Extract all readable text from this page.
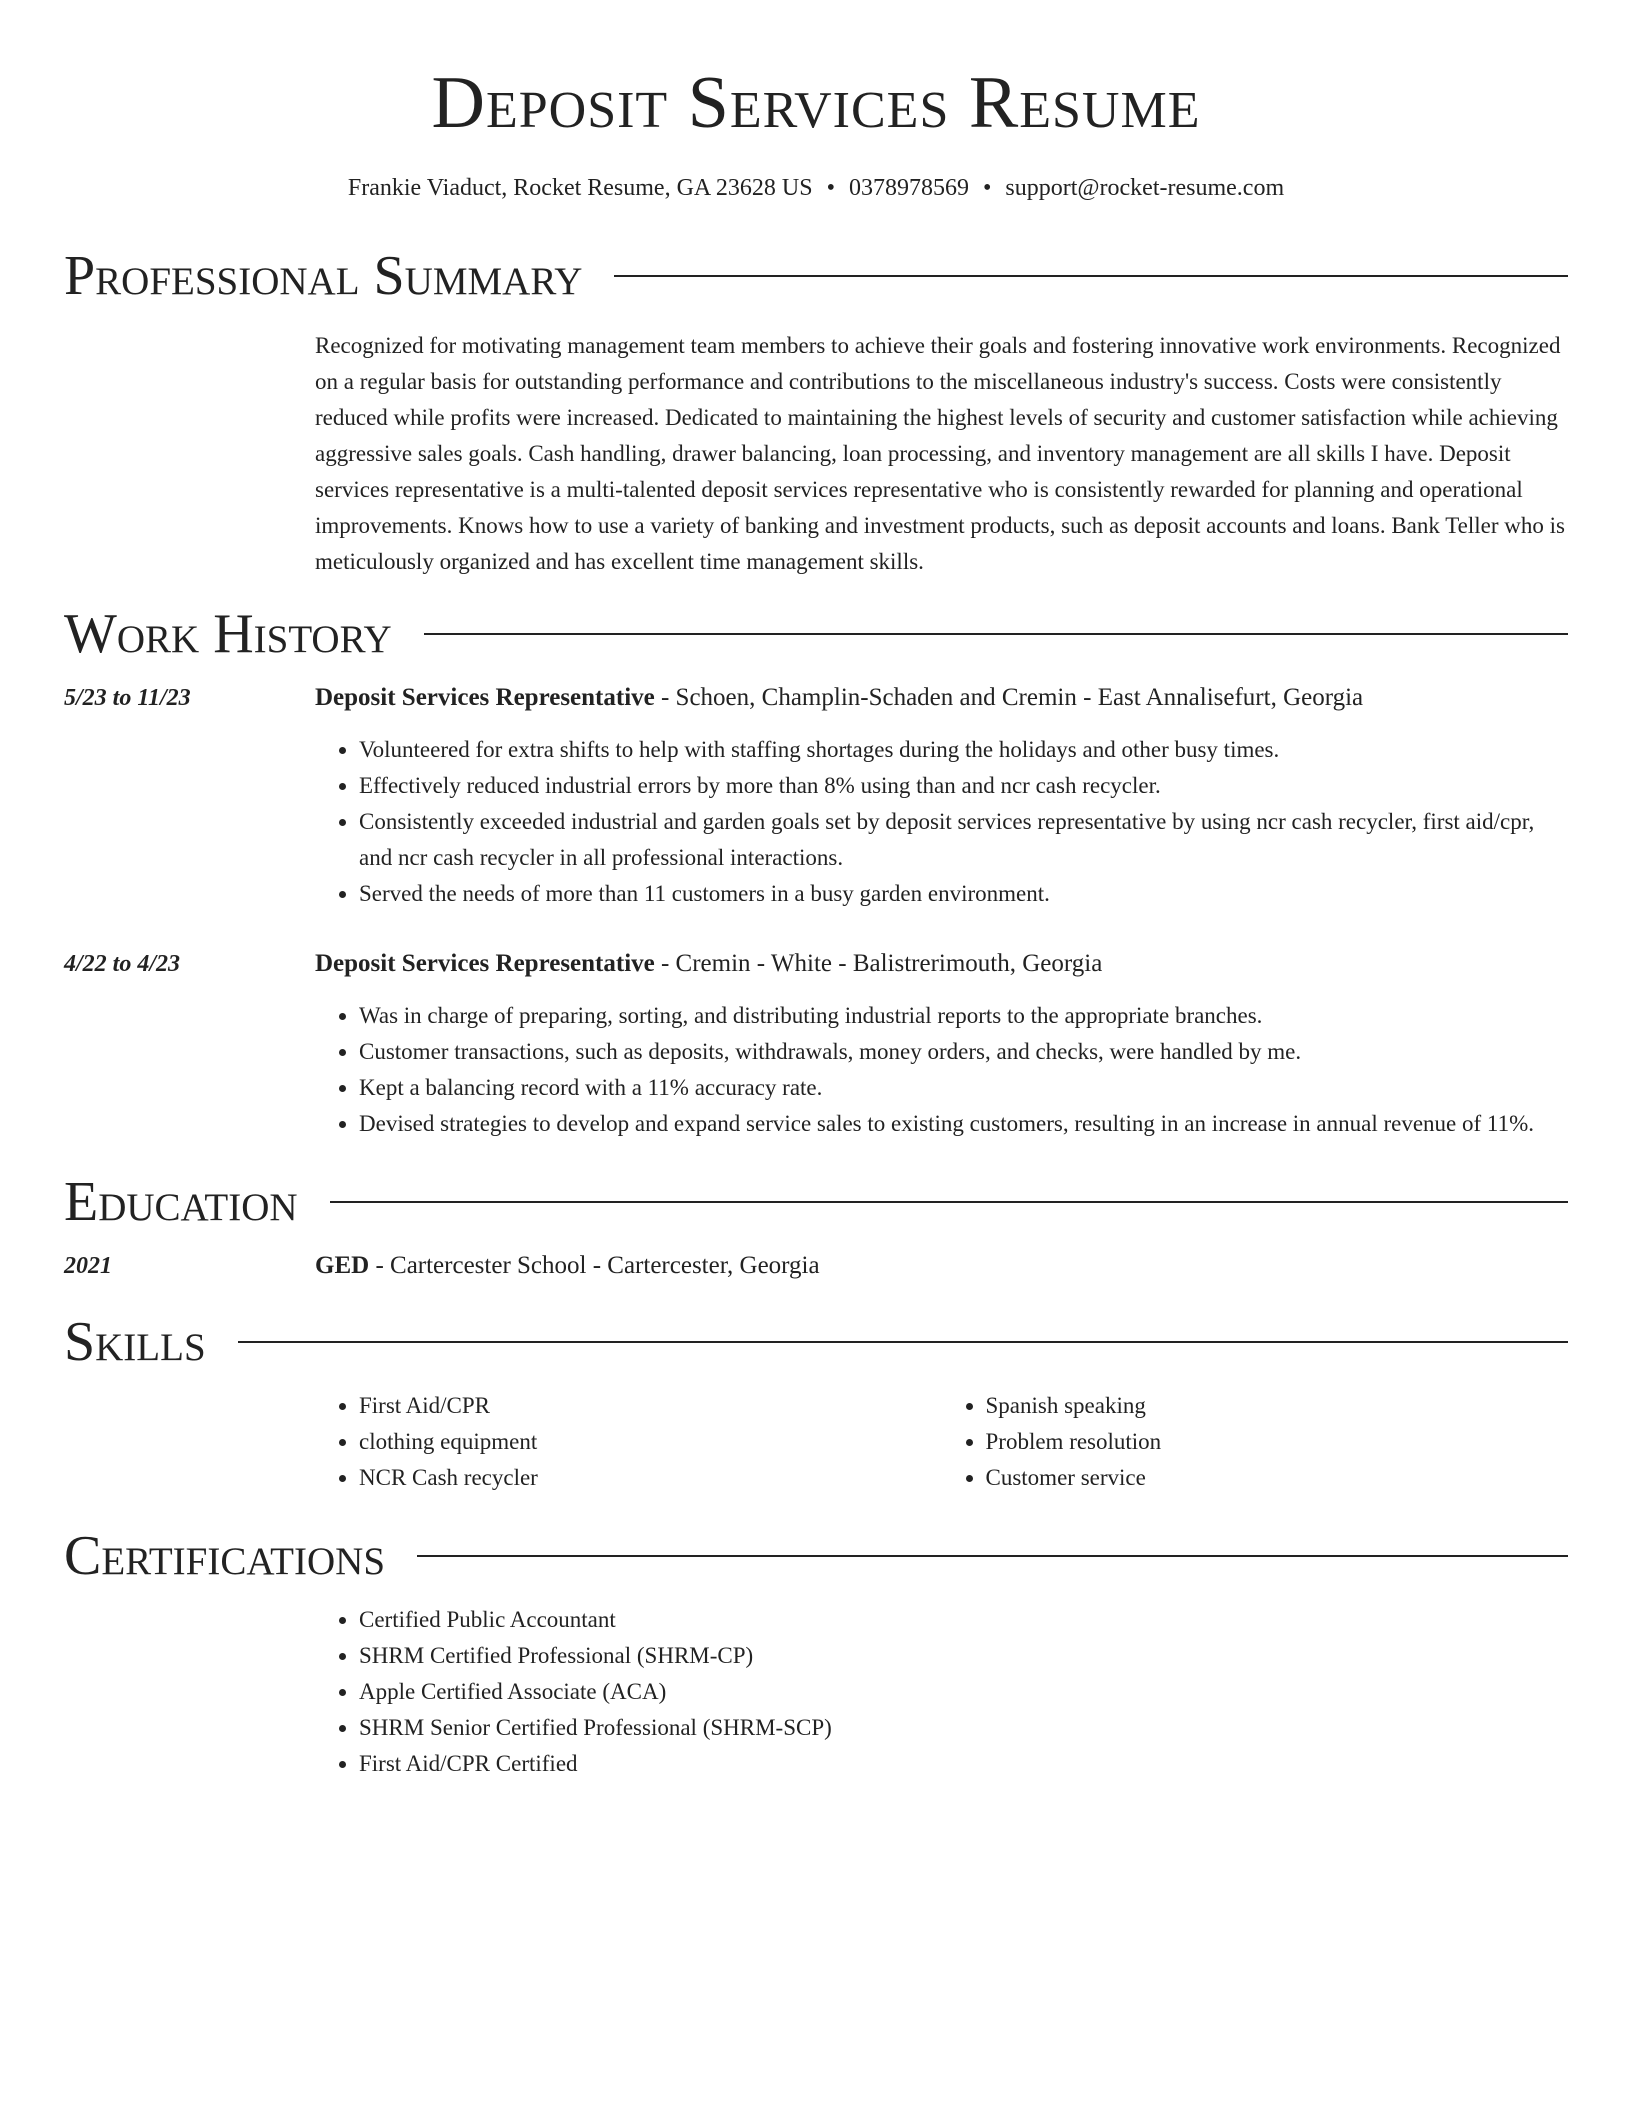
Deposit Services Resume
Frankie Viaduct, Rocket Resume, GA 23628 US • 0378978569 • support@rocket-resume.com
Professional Summary
Recognized for motivating management team members to achieve their goals and fostering innovative work environments. Recognized on a regular basis for outstanding performance and contributions to the miscellaneous industry's success. Costs were consistently reduced while profits were increased. Dedicated to maintaining the highest levels of security and customer satisfaction while achieving aggressive sales goals. Cash handling, drawer balancing, loan processing, and inventory management are all skills I have. Deposit services representative is a multi-talented deposit services representative who is consistently rewarded for planning and operational improvements. Knows how to use a variety of banking and investment products, such as deposit accounts and loans. Bank Teller who is meticulously organized and has excellent time management skills.
Work History
5/23 to 11/23	Deposit Services Representative - Schoen, Champlin-Schaden and Cremin - East Annalisefurt, Georgia
• Volunteered for extra shifts to help with staffing shortages during the holidays and other busy times.
• Effectively reduced industrial errors by more than 8% using than and ncr cash recycler.
• Consistently exceeded industrial and garden goals set by deposit services representative by using ncr cash recycler, first aid/cpr, and ncr cash recycler in all professional interactions.
• Served the needs of more than 11 customers in a busy garden environment.
4/22 to 4/23	Deposit Services Representative - Cremin - White - Balistrerimouth, Georgia
• Was in charge of preparing, sorting, and distributing industrial reports to the appropriate branches.
• Customer transactions, such as deposits, withdrawals, money orders, and checks, were handled by me.
• Kept a balancing record with a 11% accuracy rate.
• Devised strategies to develop and expand service sales to existing customers, resulting in an increase in annual revenue of 11%.
Education
2021	GED - Cartercester School - Cartercester, Georgia
Skills
• First Aid/CPR
• clothing equipment
• NCR Cash recycler
• Spanish speaking
• Problem resolution
• Customer service
Certifications
• Certified Public Accountant
• SHRM Certified Professional (SHRM-CP)
• Apple Certified Associate (ACA)
• SHRM Senior Certified Professional (SHRM-SCP)
• First Aid/CPR Certified
